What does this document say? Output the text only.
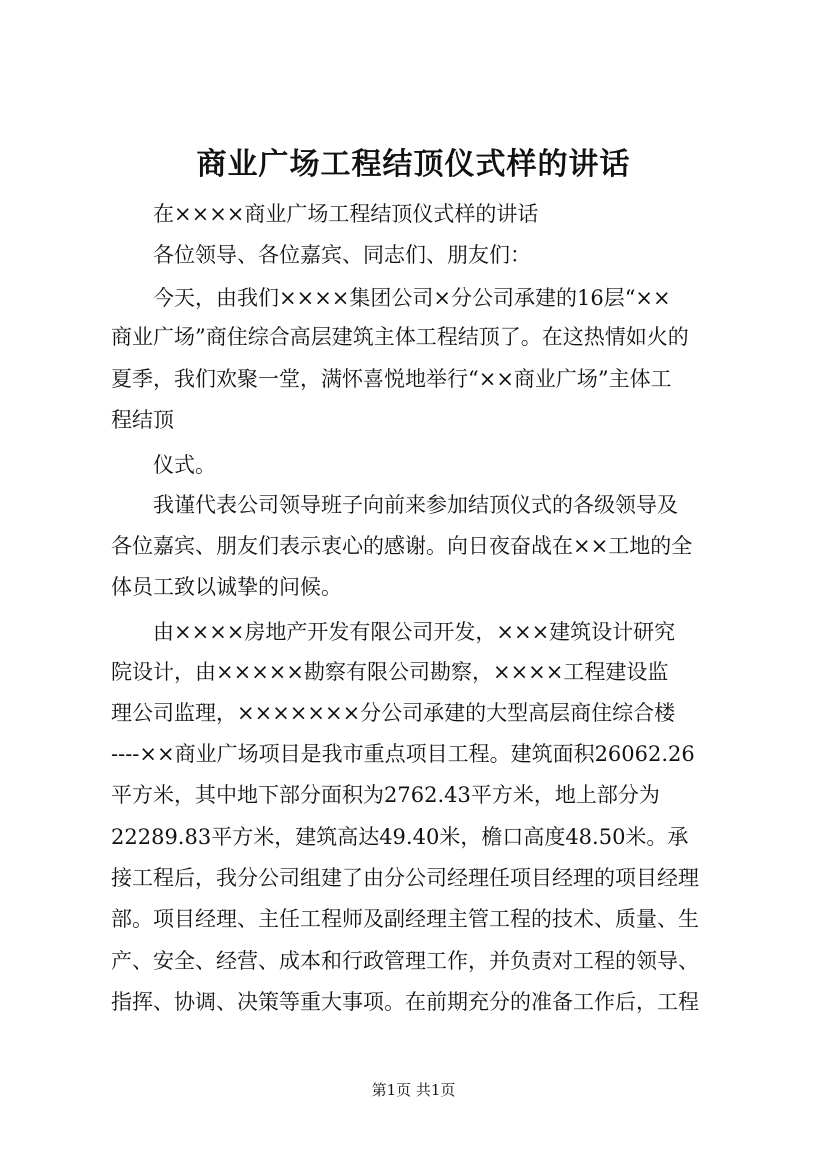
商业广场工程结顶仪式样的讲话
　　在××××商业广场工程结顶仪式样的讲话
　　各位领导、各位嘉宾、同志们、朋友们：
　　今天，由我们××××集团公司×分公司承建的16层“××
商业广场”商住综合高层建筑主体工程结顶了。在这热情如火的
夏季，我们欢聚一堂，满怀喜悦地举行“××商业广场”主体工
程结顶
　　仪式。
　　我谨代表公司领导班子向前来参加结顶仪式的各级领导及
各位嘉宾、朋友们表示衷心的感谢。向日夜奋战在××工地的全
体员工致以诚挚的问候。
　　由××××房地产开发有限公司开发，×××建筑设计研究
院设计，由×××××勘察有限公司勘察，××××工程建设监
理公司监理，×××××××分公司承建的大型高层商住综合楼
----××商业广场项目是我市重点项目工程。建筑面积26062.26
平方米，其中地下部分面积为2762.43平方米，地上部分为
22289.83平方米，建筑高达49.40米，檐口高度48.50米。承
接工程后，我分公司组建了由分公司经理任项目经理的项目经理
部。项目经理、主任工程师及副经理主管工程的技术、质量、生
产、安全、经营、成本和行政管理工作，并负责对工程的领导、
指挥、协调、决策等重大事项。在前期充分的准备工作后，工程
第1页 共1页
